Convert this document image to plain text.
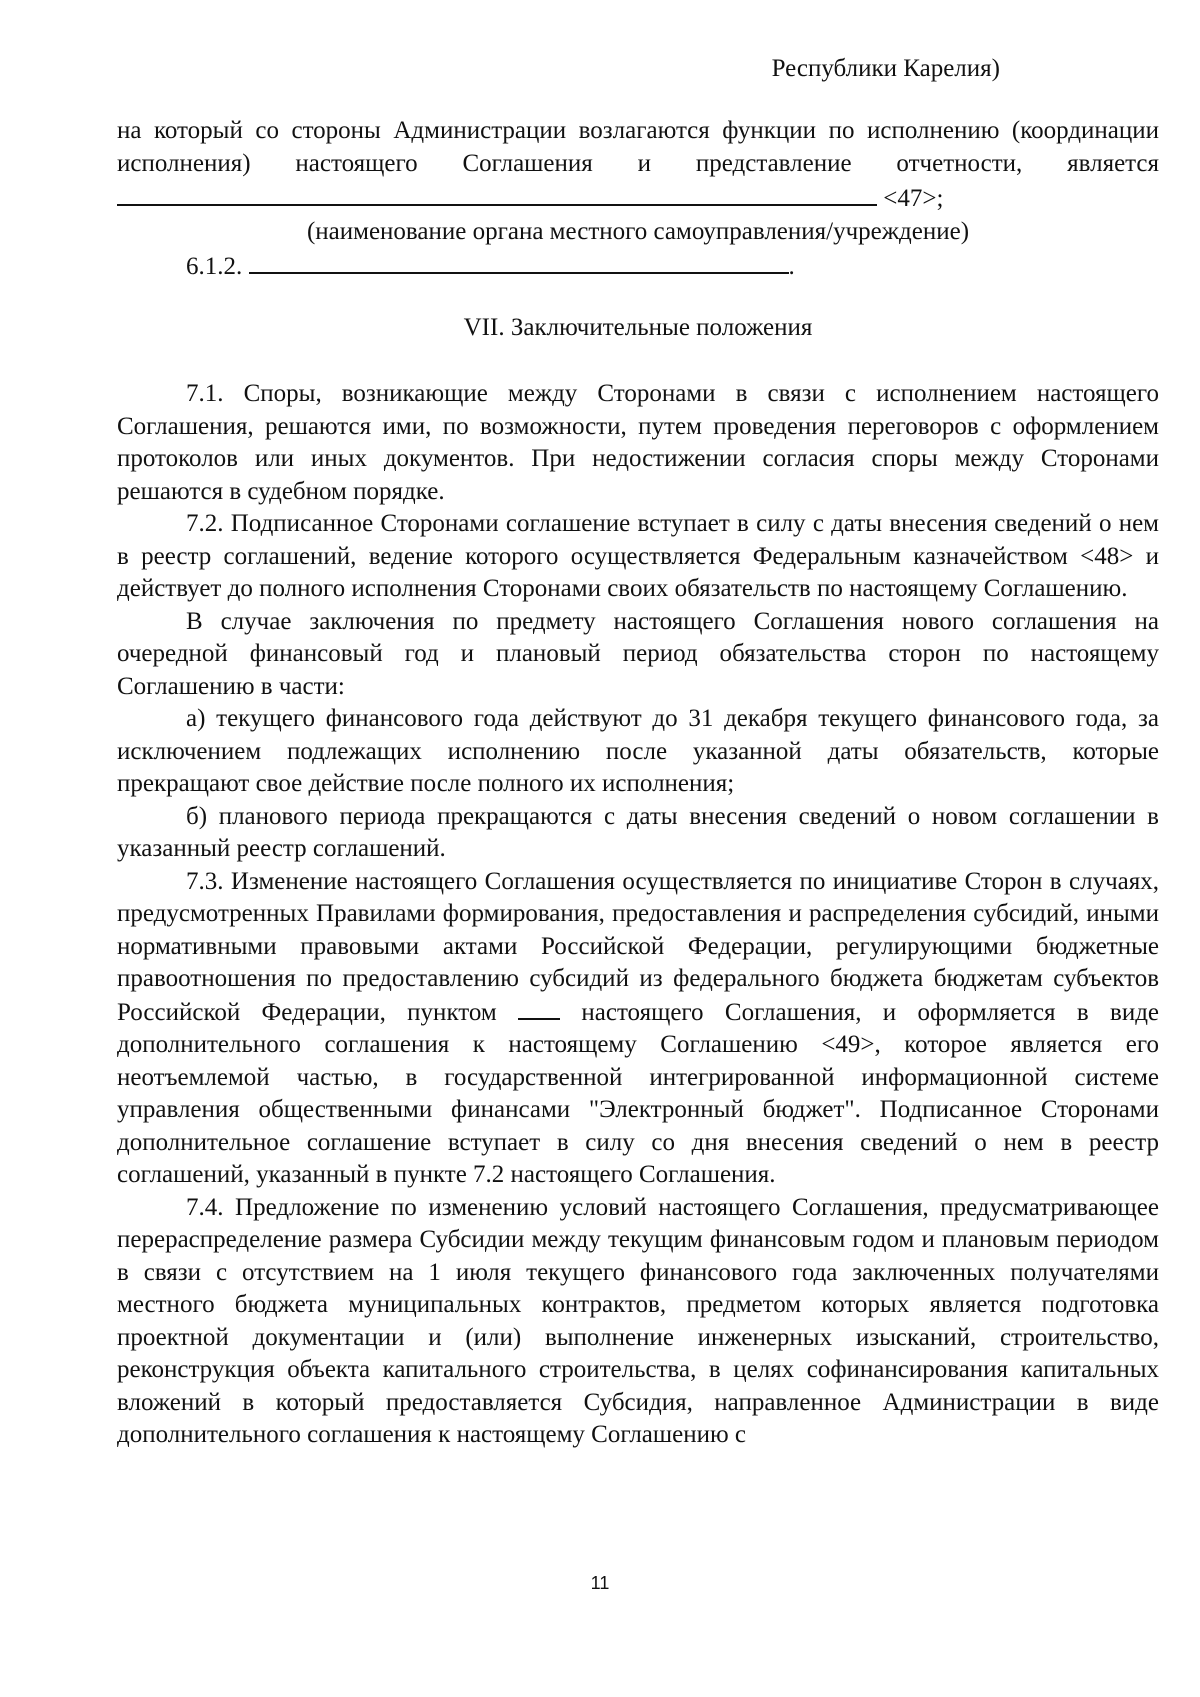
Республики Карелия)

на который со стороны Администрации возлагаются функции по исполнению (координации исполнения) настоящего Соглашения и представление отчетности, является  <47>;

(наименование органа местного самоуправления/учреждение)

6.1.2.	.

VII. Заключительные положения

7.1. Споры, возникающие между Сторонами в связи с исполнением настоящего Соглашения, решаются ими, по возможности, путем проведения переговоров с оформлением протоколов или иных документов. При недостижении согласия споры между Сторонами решаются в судебном порядке.

7.2. Подписанное Сторонами соглашение вступает в силу с даты внесения сведений о нем в реестр соглашений, ведение которого осуществляется Федеральным казначейством <48> и действует до полного исполнения Сторонами своих обязательств по настоящему Соглашению.

В случае заключения по предмету настоящего Соглашения нового соглашения на очередной финансовый год и плановый период обязательства сторон по настоящему Соглашению в части:

а) текущего финансового года действуют до 31 декабря текущего финансового года, за исключением подлежащих исполнению после указанной даты обязательств, которые прекращают свое действие после полного их исполнения;

б) планового периода прекращаются с даты внесения сведений о новом соглашении в указанный реестр соглашений.

7.3. Изменение настоящего Соглашения осуществляется по инициативе Сторон в случаях, предусмотренных Правилами формирования, предоставления и распределения субсидий, иными нормативными правовыми актами Российской Федерации, регулирующими бюджетные правоотношения по предоставлению субсидий из федерального бюджета бюджетам субъектов Российской Федерации, пунктом	настоящего Соглашения, и оформляется в виде дополнительного соглашения к настоящему Соглашению <49>, которое является его неотъемлемой частью, в государственной интегрированной информационной системе управления общественными финансами "Электронный бюджет". Подписанное Сторонами дополнительное соглашение вступает в силу со дня внесения сведений о нем в реестр соглашений, указанный в пункте 7.2 настоящего Соглашения.

7.4. Предложение по изменению условий настоящего Соглашения, предусматривающее перераспределение размера Субсидии между текущим финансовым годом и плановым периодом в связи с отсутствием на 1 июля текущего финансового года заключенных получателями местного бюджета муниципальных контрактов, предметом которых является подготовка проектной документации и (или) выполнение инженерных изысканий, строительство, реконструкция объекта капитального строительства, в целях софинансирования капитальных вложений в который предоставляется Субсидия, направленное Администрации в виде дополнительного соглашения к настоящему Соглашению с

11
